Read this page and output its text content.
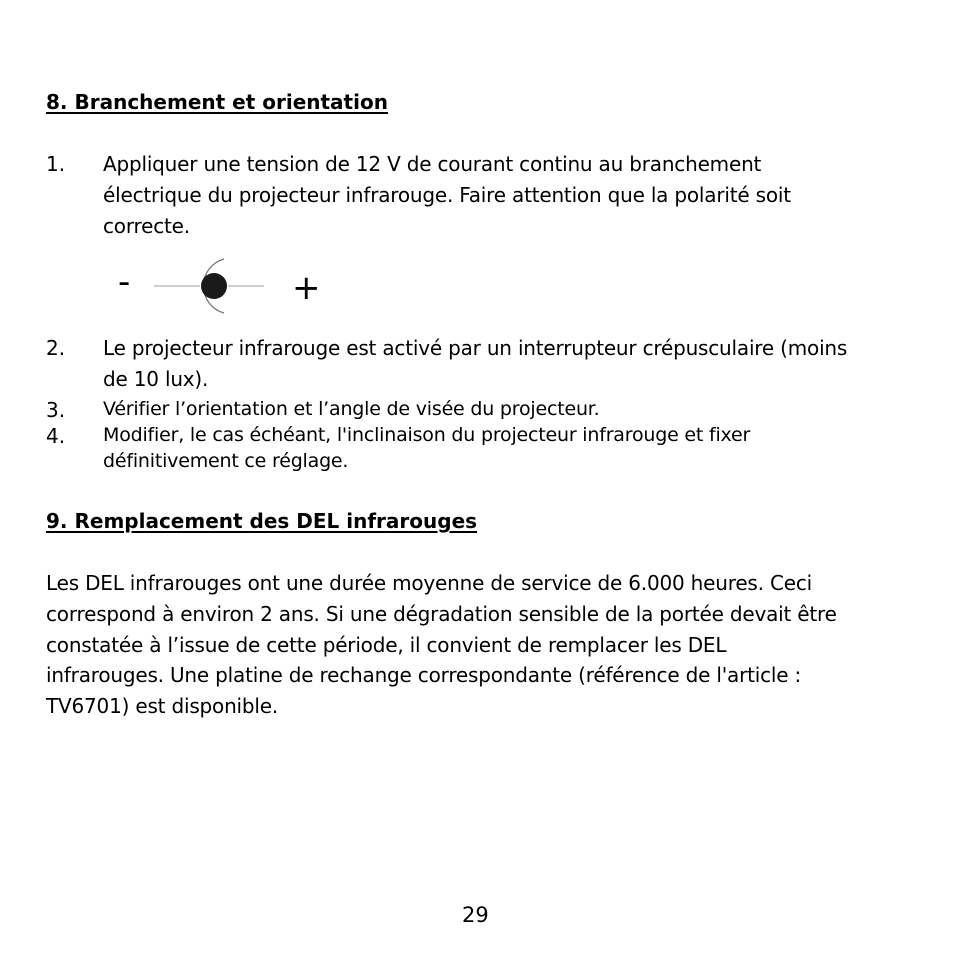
8. Branchement et orientation
1. Appliquer une tension de 12 V de courant continu au branchement
électrique du projecteur infrarouge. Faire attention que la polarité soit
correcte.
-	+
2. Le projecteur infrarouge est activé par un interrupteur crépusculaire (moins
de 10 lux).
3. Vérifier l’orientation et l’angle de visée du projecteur.
4. Modifier, le cas échéant, l'inclinaison du projecteur infrarouge et fixer
définitivement ce réglage.
9. Remplacement des DEL infrarouges
Les DEL infrarouges ont une durée moyenne de service de 6.000 heures. Ceci
correspond à environ 2 ans. Si une dégradation sensible de la portée devait être
constatée à l’issue de cette période, il convient de remplacer les DEL
infrarouges. Une platine de rechange correspondante (référence de l'article :
TV6701) est disponible.
29
